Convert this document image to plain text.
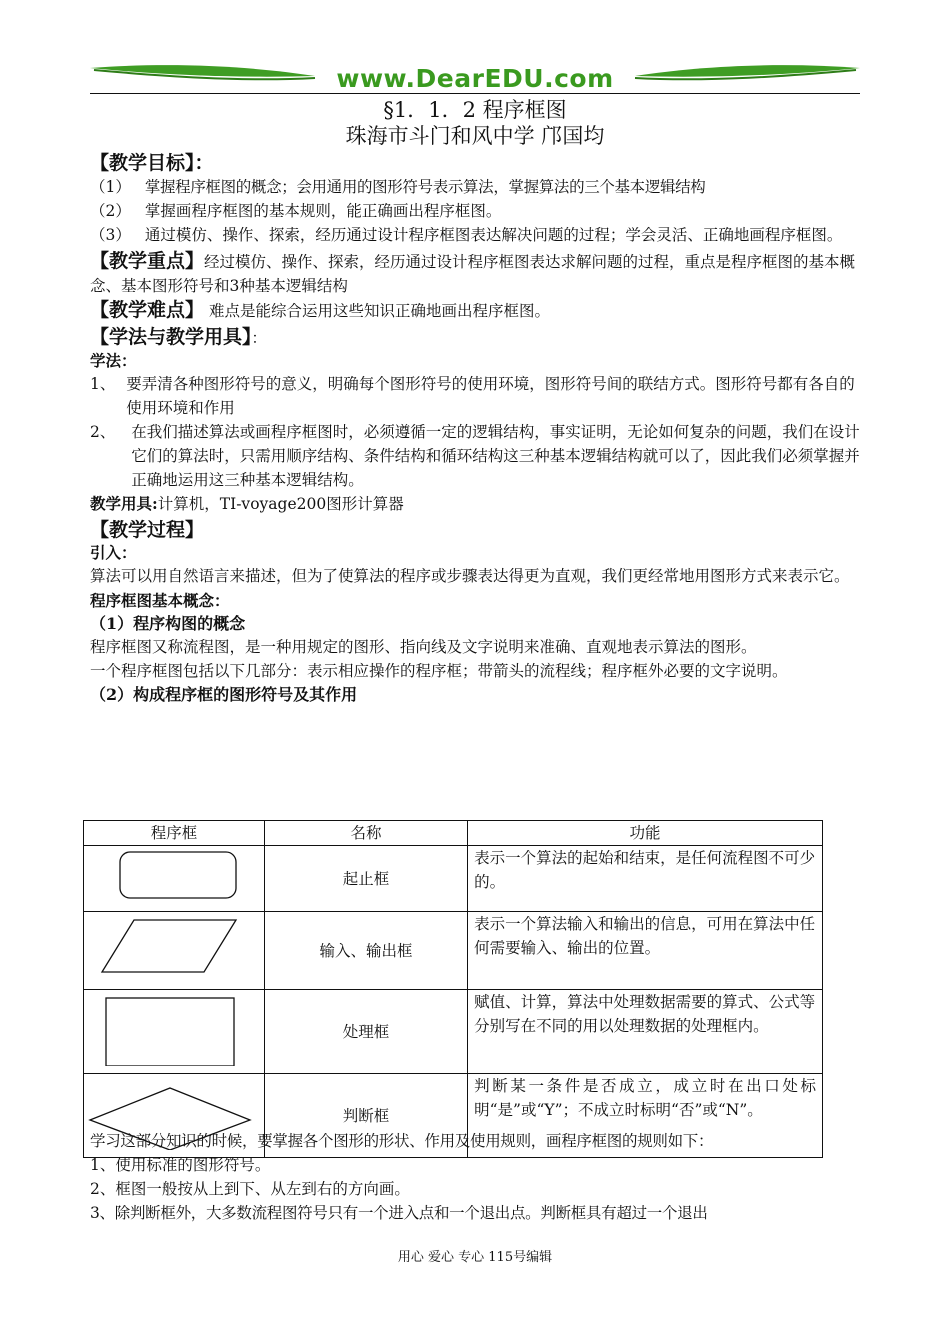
www.DearEDU.com
§1．1．2 程序框图
珠海市斗门和风中学 邝国均
【教学目标】：
（1） 掌握程序框图的概念；会用通用的图形符号表示算法，掌握算法的三个基本逻辑结构
（2） 掌握画程序框图的基本规则，能正确画出程序框图。
（3） 通过模仿、操作、探索，经历通过设计程序框图表达解决问题的过程；学会灵活、正确地画程序框图。
【教学重点】经过模仿、操作、探索，经历通过设计程序框图表达求解问题的过程，重点是程序框图的基本概念、基本图形符号和3种基本逻辑结构
【教学难点】 难点是能综合运用这些知识正确地画出程序框图。
【学法与教学用具】：
学法：
1、 要弄清各种图形符号的意义，明确每个图形符号的使用环境，图形符号间的联结方式。图形符号都有各自的使用环境和作用
2、 在我们描述算法或画程序框图时，必须遵循一定的逻辑结构，事实证明，无论如何复杂的问题，我们在设计它们的算法时，只需用顺序结构、条件结构和循环结构这三种基本逻辑结构就可以了，因此我们必须掌握并正确地运用这三种基本逻辑结构。
教学用具:计算机，TI-voyage200图形计算器
【教学过程】
引入：
算法可以用自然语言来描述，但为了使算法的程序或步骤表达得更为直观，我们更经常地用图形方式来表示它。
程序框图基本概念：
（1）程序构图的概念
程序框图又称流程图，是一种用规定的图形、指向线及文字说明来准确、直观地表示算法的图形。
一个程序框图包括以下几部分：表示相应操作的程序框；带箭头的流程线；程序框外必要的文字说明。
（2）构成程序框的图形符号及其作用
程序框	名称	功能
	起止框	表示一个算法的起始和结束，是任何流程图不可少的。
	输入、输出框	表示一个算法输入和输出的信息，可用在算法中任何需要输入、输出的位置。
	处理框	赋值、计算，算法中处理数据需要的算式、公式等分别写在不同的用以处理数据的处理框内。
	判断框	判断某一条件是否成立，成立时在出口处标明“是”或“Y”；不成立时标明“否”或“N”。
学习这部分知识的时候，要掌握各个图形的形状、作用及使用规则，画程序框图的规则如下：
1、使用标准的图形符号。
2、框图一般按从上到下、从左到右的方向画。
3、除判断框外，大多数流程图符号只有一个进入点和一个退出点。判断框具有超过一个退出
用心 爱心 专心 115号编辑
